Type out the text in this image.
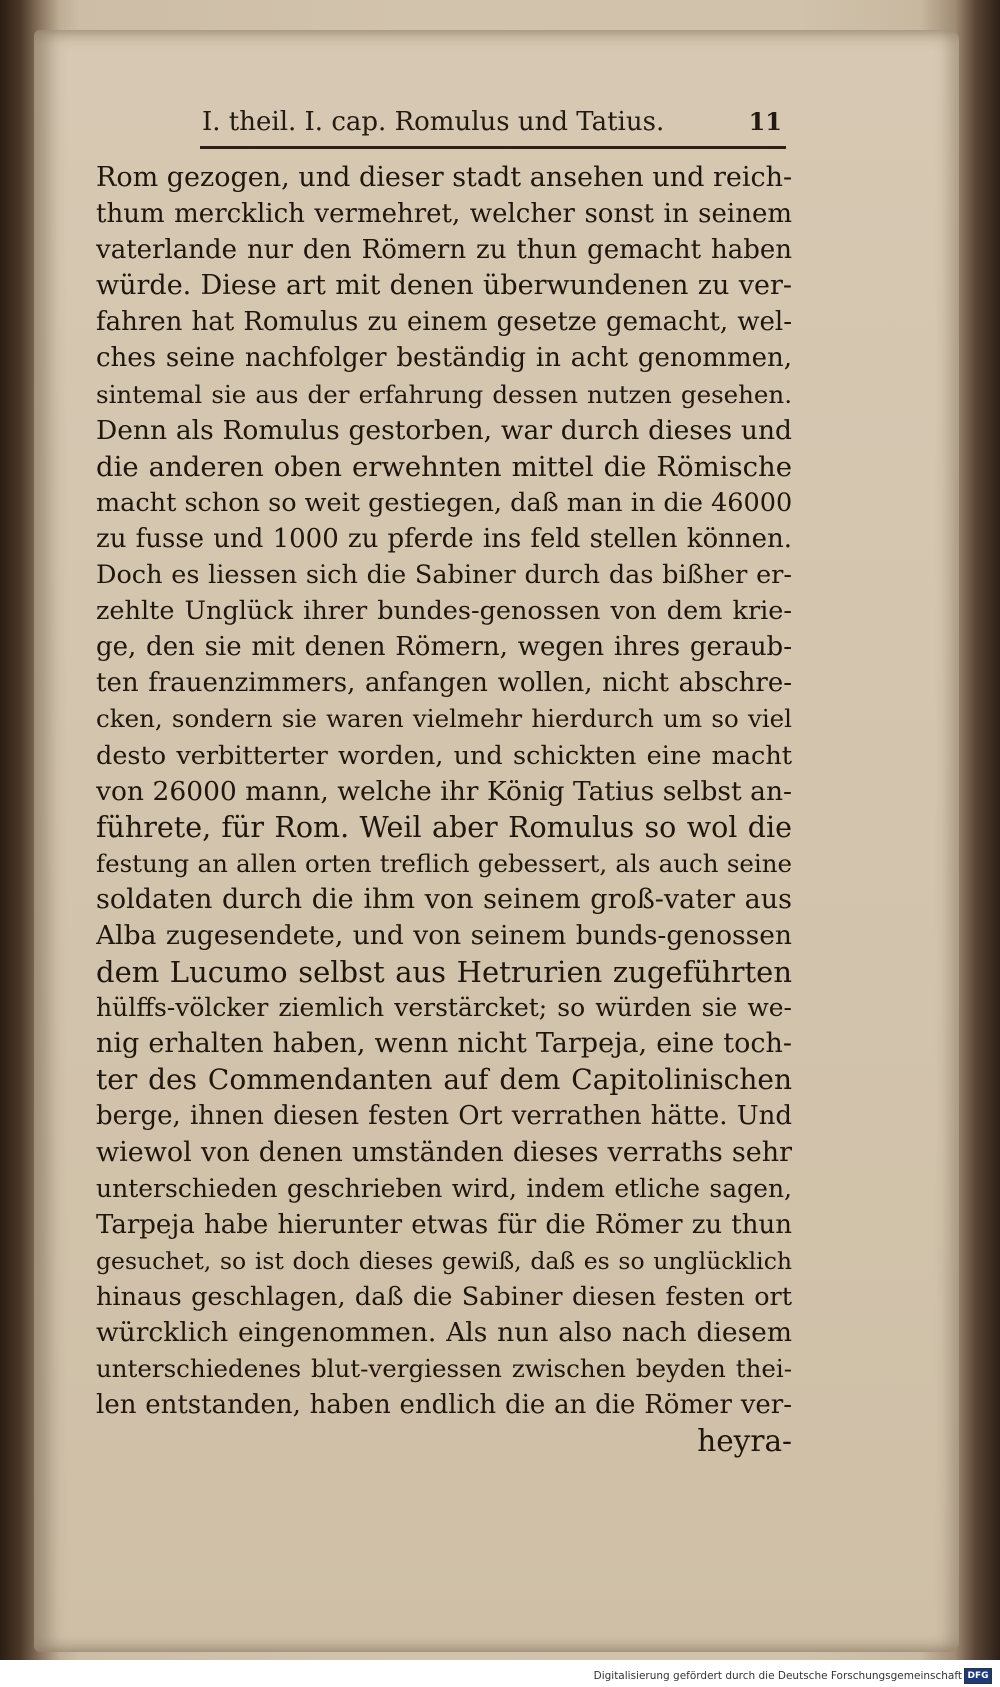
I. theil. I. cap. Romulus und Tatius.	11
Rom gezogen, und dieser stadt ansehen und reich-
thum mercklich vermehret, welcher sonst in seinem
vaterlande nur den Römern zu thun gemacht haben
würde. Diese art mit denen überwundenen zu ver-
fahren hat Romulus zu einem gesetze gemacht, wel-
ches seine nachfolger beständig in acht genommen,
sintemal sie aus der erfahrung dessen nutzen gesehen.
Denn als Romulus gestorben, war durch dieses und
die anderen oben erwehnten mittel die Römische
macht schon so weit gestiegen, daß man in die 46000
zu fusse und 1000 zu pferde ins feld stellen können.
Doch es liessen sich die Sabiner durch das bißher er-
zehlte Unglück ihrer bundes-genossen von dem krie-
ge, den sie mit denen Römern, wegen ihres geraub-
ten frauenzimmers, anfangen wollen, nicht abschre-
cken, sondern sie waren vielmehr hierdurch um so viel
desto verbitterter worden, und schickten eine macht
von 26000 mann, welche ihr König Tatius selbst an-
führete, für Rom. Weil aber Romulus so wol die
festung an allen orten treflich gebessert, als auch seine
soldaten durch die ihm von seinem groß-vater aus
Alba zugesendete, und von seinem bunds-genossen
dem Lucumo selbst aus Hetrurien zugeführten
hülffs-völcker ziemlich verstärcket; so würden sie we-
nig erhalten haben, wenn nicht Tarpeja, eine toch-
ter des Commendanten auf dem Capitolinischen
berge, ihnen diesen festen Ort verrathen hätte. Und
wiewol von denen umständen dieses verraths sehr
unterschieden geschrieben wird, indem etliche sagen,
Tarpeja habe hierunter etwas für die Römer zu thun
gesuchet, so ist doch dieses gewiß, daß es so unglücklich
hinaus geschlagen, daß die Sabiner diesen festen ort
würcklich eingenommen. Als nun also nach diesem
unterschiedenes blut-vergiessen zwischen beyden thei-
len entstanden, haben endlich die an die Römer ver-
heyra-
Digitalisierung gefördert durch die Deutsche Forschungsgemeinschaft DFG
